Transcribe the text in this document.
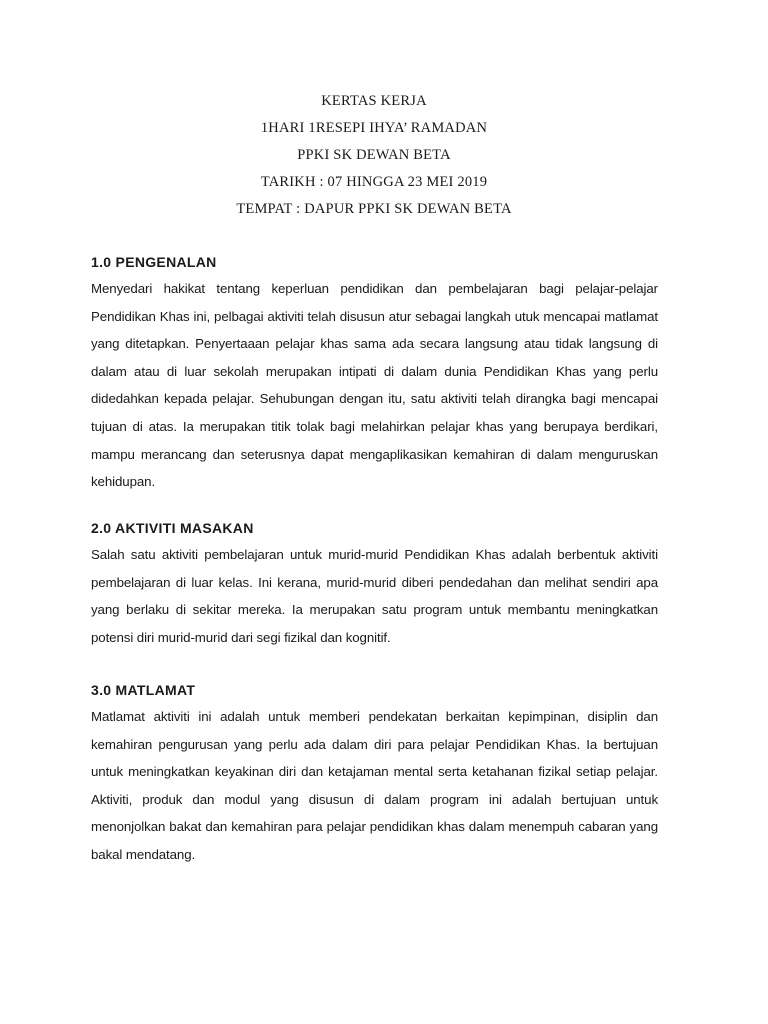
KERTAS KERJA
1HARI 1RESEPI IHYA’ RAMADAN
PPKI SK DEWAN BETA
TARIKH : 07 HINGGA 23 MEI 2019
TEMPAT : DAPUR PPKI SK DEWAN BETA
1.0 PENGENALAN

Menyedari hakikat tentang keperluan pendidikan dan pembelajaran bagi pelajar-pelajar Pendidikan Khas ini, pelbagai aktiviti telah disusun atur sebagai langkah utuk mencapai matlamat yang ditetapkan. Penyertaaan pelajar khas sama ada secara langsung atau tidak langsung di dalam atau di luar sekolah merupakan intipati di dalam dunia Pendidikan Khas yang perlu didedahkan kepada pelajar. Sehubungan dengan itu, satu aktiviti telah dirangka bagi mencapai tujuan di atas. Ia merupakan titik tolak bagi melahirkan pelajar khas yang berupaya berdikari, mampu merancang dan seterusnya dapat mengaplikasikan kemahiran di dalam menguruskan kehidupan.

2.0 AKTIVITI MASAKAN

Salah satu aktiviti pembelajaran untuk murid-murid Pendidikan Khas adalah berbentuk aktiviti pembelajaran di luar kelas. Ini kerana, murid-murid diberi pendedahan dan melihat sendiri apa yang berlaku di sekitar mereka. Ia merupakan satu program untuk membantu meningkatkan potensi diri murid-murid dari segi fizikal dan kognitif.

3.0 MATLAMAT

Matlamat aktiviti ini adalah untuk memberi pendekatan berkaitan kepimpinan, disiplin dan kemahiran pengurusan yang perlu ada dalam diri para pelajar Pendidikan Khas. Ia bertujuan untuk meningkatkan keyakinan diri dan ketajaman mental serta ketahanan fizikal setiap pelajar. Aktiviti, produk dan modul yang disusun di dalam program ini adalah bertujuan untuk menonjolkan bakat dan kemahiran para pelajar pendidikan khas dalam menempuh cabaran yang bakal mendatang.
